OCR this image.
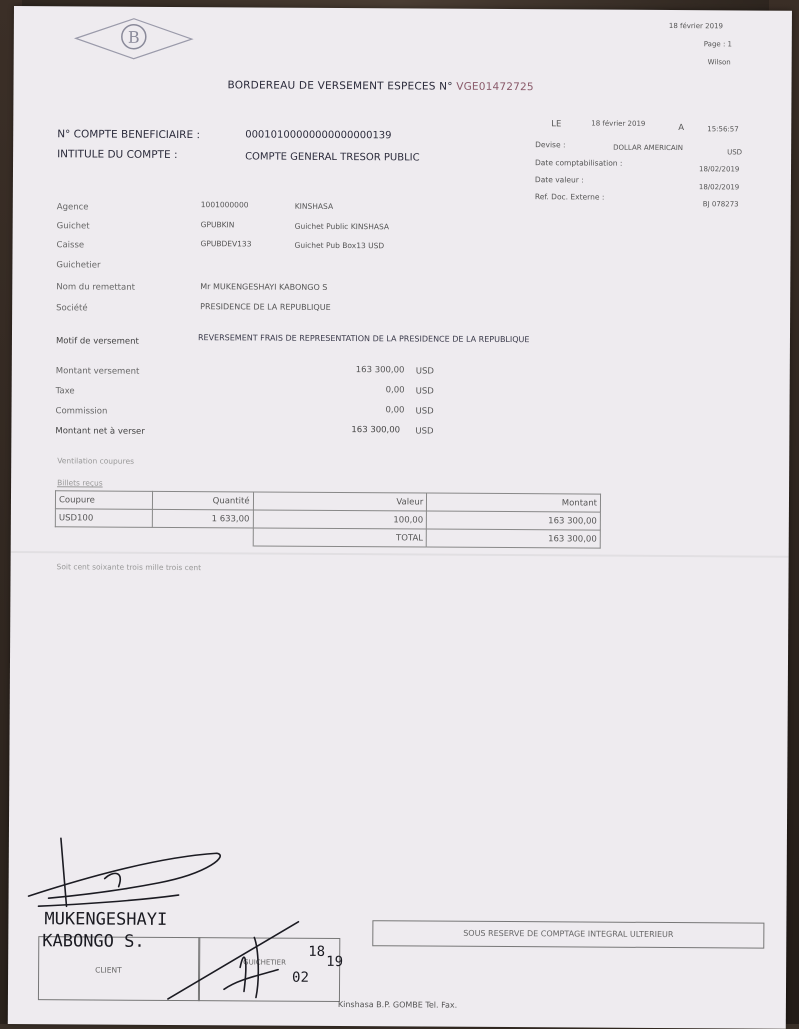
B
18 février 2019
Page : 1
Wilson
BORDEREAU DE VERSEMENT ESPECES N° VGE01472725
LE	18 février 2019	A	15:56:57
Devise :	DOLLAR AMERICAIN
USD
Date comptabilisation :
18/02/2019
Date valeur :
18/02/2019
Ref. Doc. Externe :
BJ 078273
N° COMPTE BENEFICIAIRE :	00010100000000000000139
INTITULE DU COMPTE :	COMPTE GENERAL TRESOR PUBLIC
Agence	1001000000	KINSHASA
Guichet	GPUBKIN	Guichet Public KINSHASA
Caisse	GPUBDEV133	Guichet Pub Box13 USD
Guichetier
Nom du remettant	Mr MUKENGESHAYI KABONGO S
Société	PRESIDENCE DE LA REPUBLIQUE
Motif de versement	REVERSEMENT FRAIS DE REPRESENTATION DE LA PRESIDENCE DE LA REPUBLIQUE
Montant versement	163 300,00 USD
Taxe	0,00 USD
Commission	0,00 USD
Montant net à verser	163 300,00 USD
Ventilation coupures
Billets reçus
Coupure	Quantité	Valeur	Montant
USD100	1 633,00	100,00	163 300,00
		TOTAL	163 300,00
Soit cent soixante trois mille trois cent
CLIENT
GUICHETIER
SOUS RESERVE DE COMPTAGE INTEGRAL ULTERIEUR
Kinshasa B.P. GOMBE Tel. Fax.
MUKENGESHAYI
KABONGO S.
18
19
02
